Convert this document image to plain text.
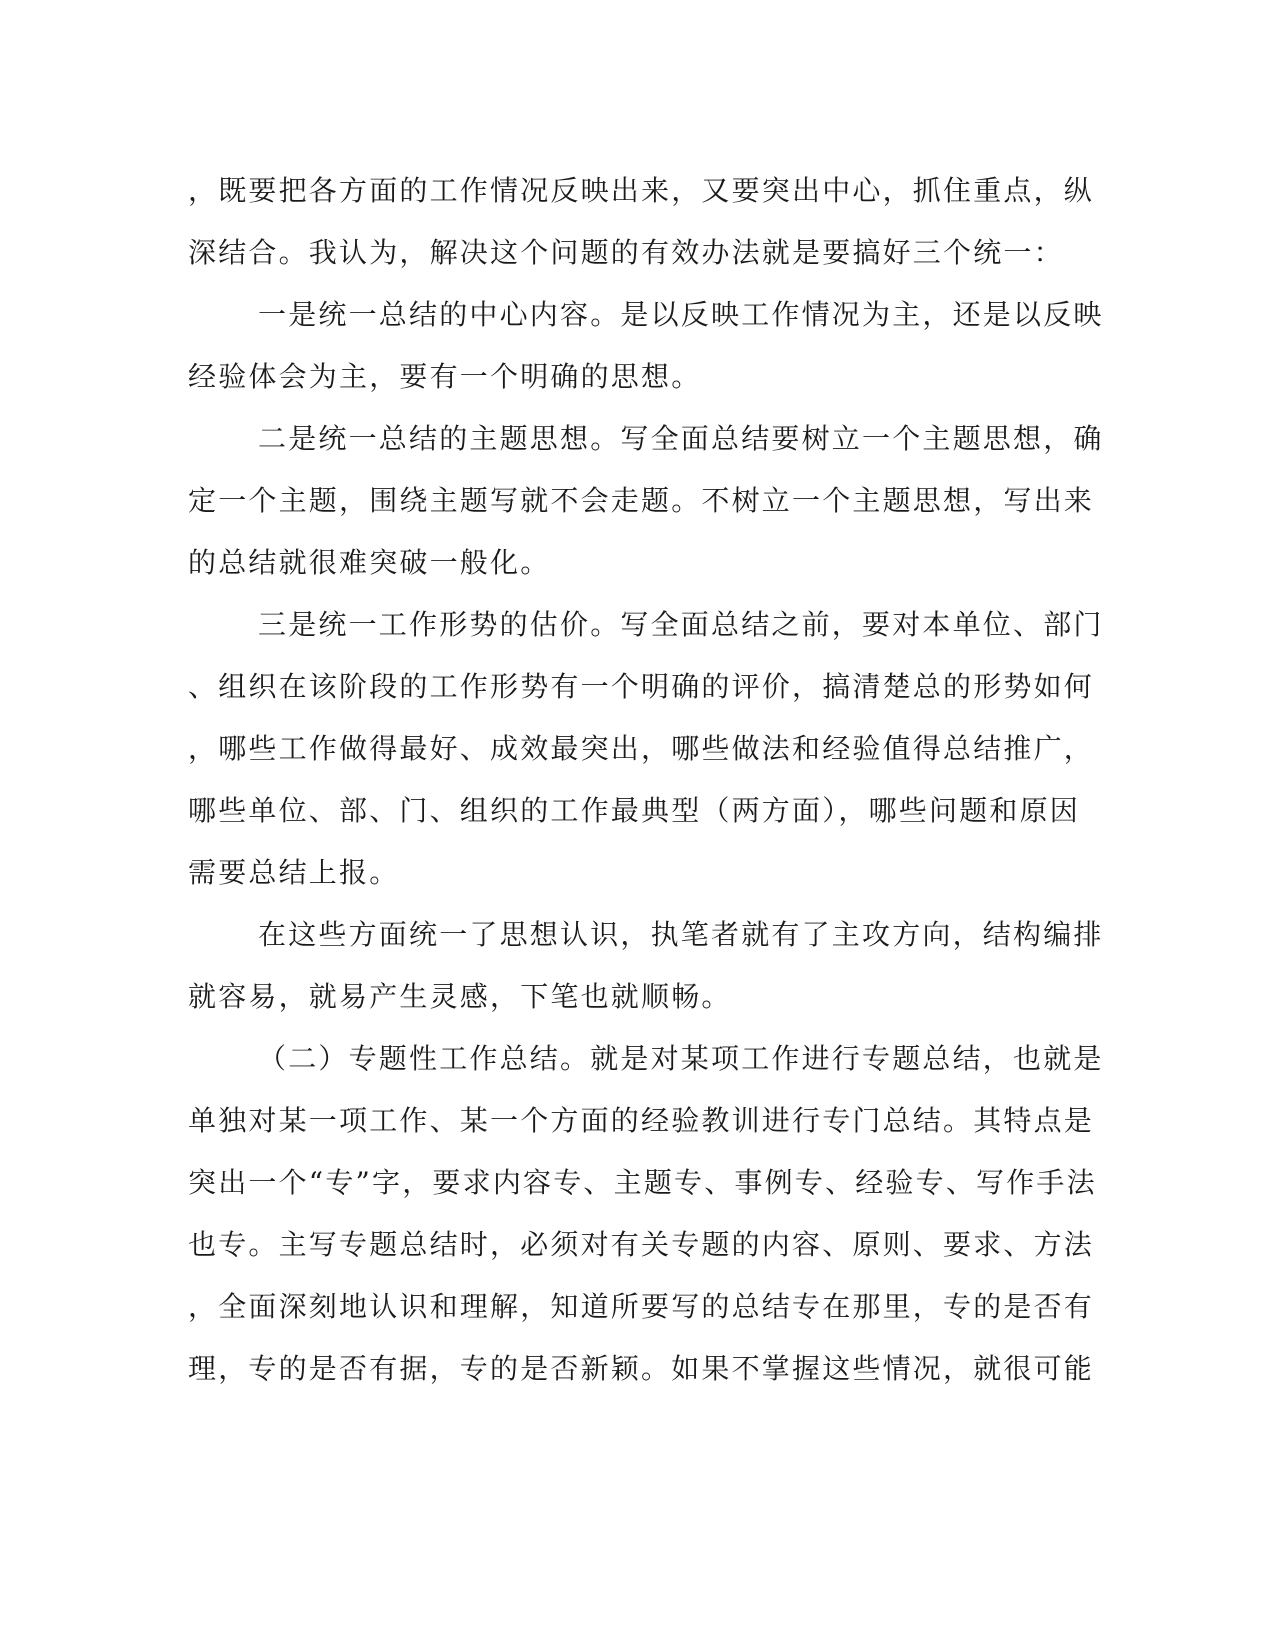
，既要把各方面的工作情况反映出来，又要突出中心，抓住重点，纵
深结合。我认为，解决这个问题的有效办法就是要搞好三个统一：
一是统一总结的中心内容。是以反映工作情况为主，还是以反映
经验体会为主，要有一个明确的思想。
二是统一总结的主题思想。写全面总结要树立一个主题思想，确
定一个主题，围绕主题写就不会走题。不树立一个主题思想，写出来
的总结就很难突破一般化。
三是统一工作形势的估价。写全面总结之前，要对本单位、部门
、组织在该阶段的工作形势有一个明确的评价，搞清楚总的形势如何
，哪些工作做得最好、成效最突出，哪些做法和经验值得总结推广，
哪些单位、部、门、组织的工作最典型（两方面），哪些问题和原因
需要总结上报。
在这些方面统一了思想认识，执笔者就有了主攻方向，结构编排
就容易，就易产生灵感，下笔也就顺畅。
（二）专题性工作总结。就是对某项工作进行专题总结，也就是
单独对某一项工作、某一个方面的经验教训进行专门总结。其特点是
突出一个“专”字，要求内容专、主题专、事例专、经验专、写作手法
也专。主写专题总结时，必须对有关专题的内容、原则、要求、方法
，全面深刻地认识和理解，知道所要写的总结专在那里，专的是否有
理，专的是否有据，专的是否新颖。如果不掌握这些情况，就很可能
